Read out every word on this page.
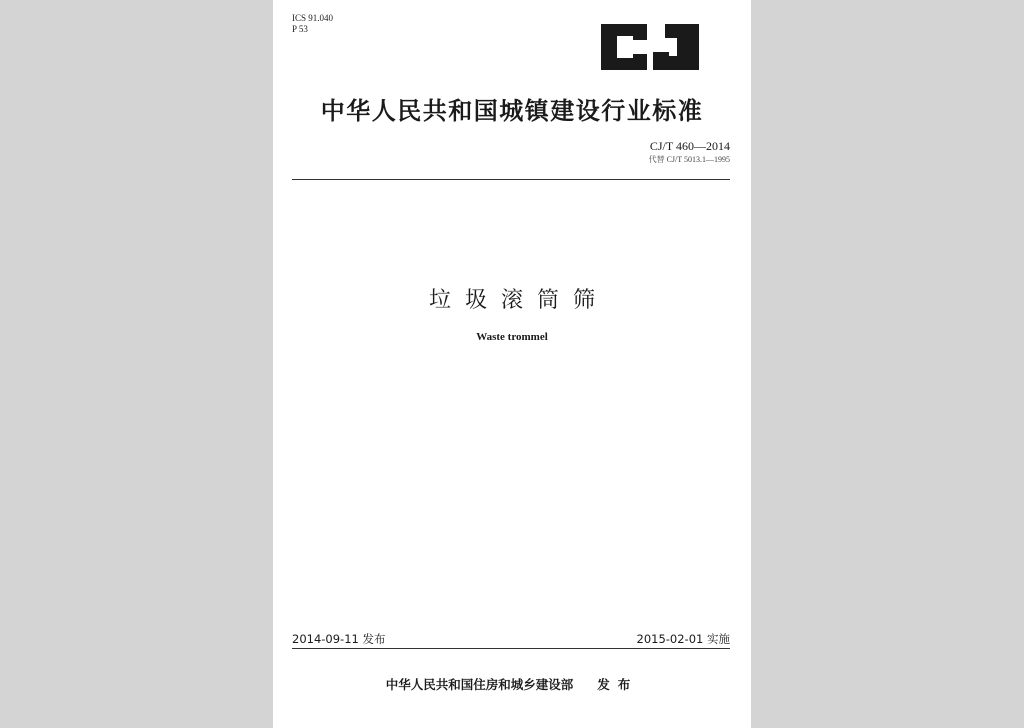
ICS 91.040
P 53
中华人民共和国城镇建设行业标准
CJ/T 460—2014
代替 CJ/T 5013.1—1995
垃圾滚筒筛
Waste trommel
2014-09-11 发布	2015-02-01 实施
中华人民共和国住房和城乡建设部 发布
